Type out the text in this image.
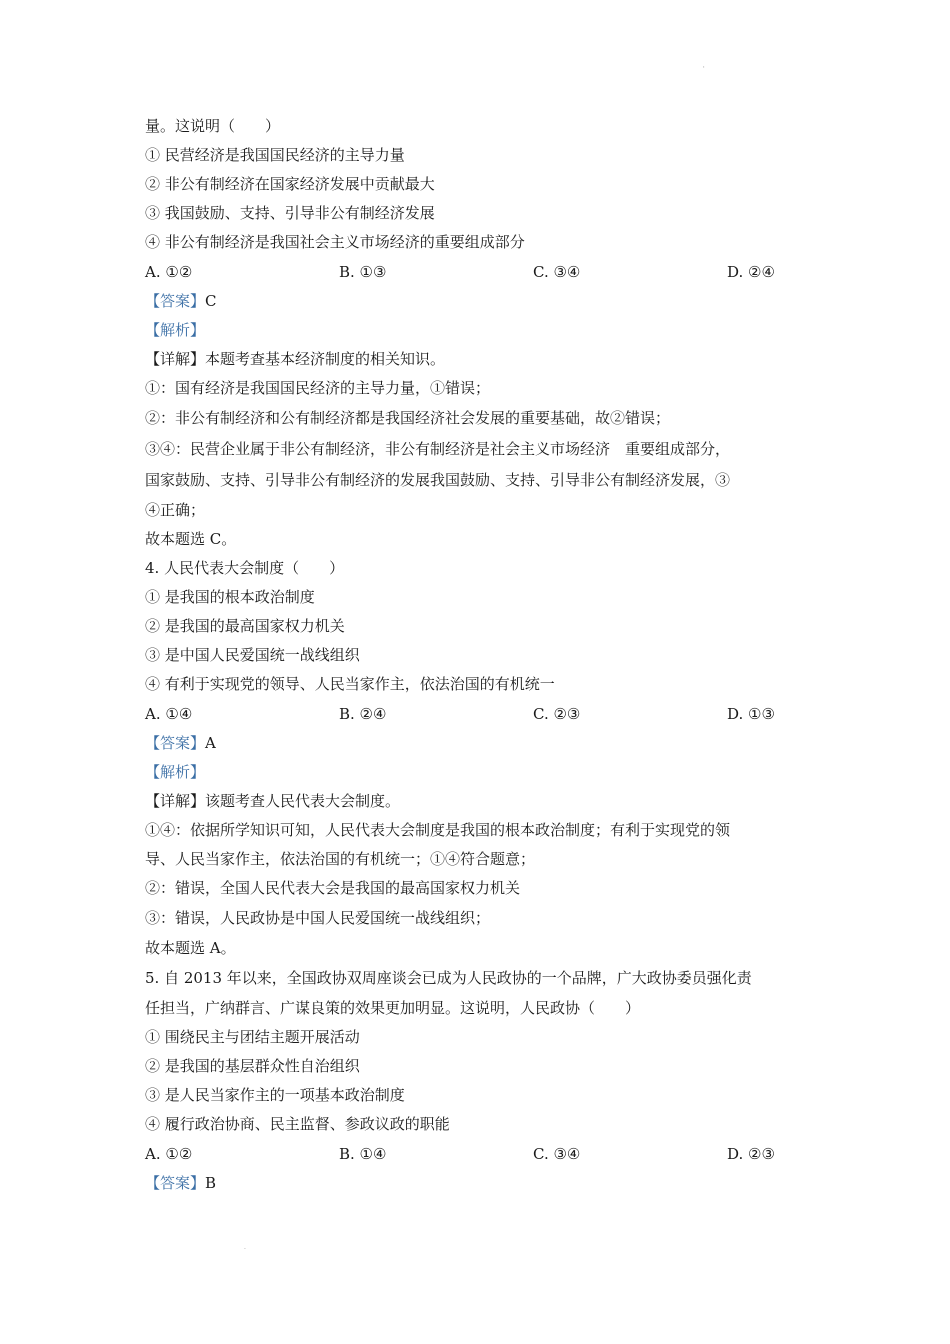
'
量。这说明（　　）
① 民营经济是我国国民经济的主导力量
② 非公有制经济在国家经济发展中贡献最大
③ 我国鼓励、支持、引导非公有制经济发展
④ 非公有制经济是我国社会主义市场经济的重要组成部分
A. ①②	B. ①③	C. ③④	D. ②④
【答案】C
【解析】
【详解】本题考查基本经济制度的相关知识。
①：国有经济是我国国民经济的主导力量，①错误；
②：非公有制经济和公有制经济都是我国经济社会发展的重要基础，故②错误；
③④：民营企业属于非公有制经济，非公有制经济是社会主义市场经济　重要组成部分，
国家鼓励、支持、引导非公有制经济的发展我国鼓励、支持、引导非公有制经济发展，③
④正确；
故本题选 C。
4. 人民代表大会制度（　　）
① 是我国的根本政治制度
② 是我国的最高国家权力机关
③ 是中国人民爱国统一战线组织
④ 有利于实现党的领导、人民当家作主，依法治国的有机统一
A. ①④	B. ②④	C. ②③	D. ①③
【答案】A
【解析】
【详解】该题考查人民代表大会制度。
①④：依据所学知识可知，人民代表大会制度是我国的根本政治制度；有利于实现党的领
导、人民当家作主，依法治国的有机统一；①④符合题意；
②：错误，全国人民代表大会是我国的最高国家权力机关
③：错误，人民政协是中国人民爱国统一战线组织；
故本题选 A。
5. 自 2013 年以来，全国政协双周座谈会已成为人民政协的一个品牌，广大政协委员强化责
任担当，广纳群言、广谋良策的效果更加明显。这说明，人民政协（　　）
① 围绕民主与团结主题开展活动
② 是我国的基层群众性自治组织
③ 是人民当家作主的一项基本政治制度
④ 履行政治协商、民主监督、参政议政的职能
A. ①②	B. ①④	C. ③④	D. ②③
【答案】B
.
